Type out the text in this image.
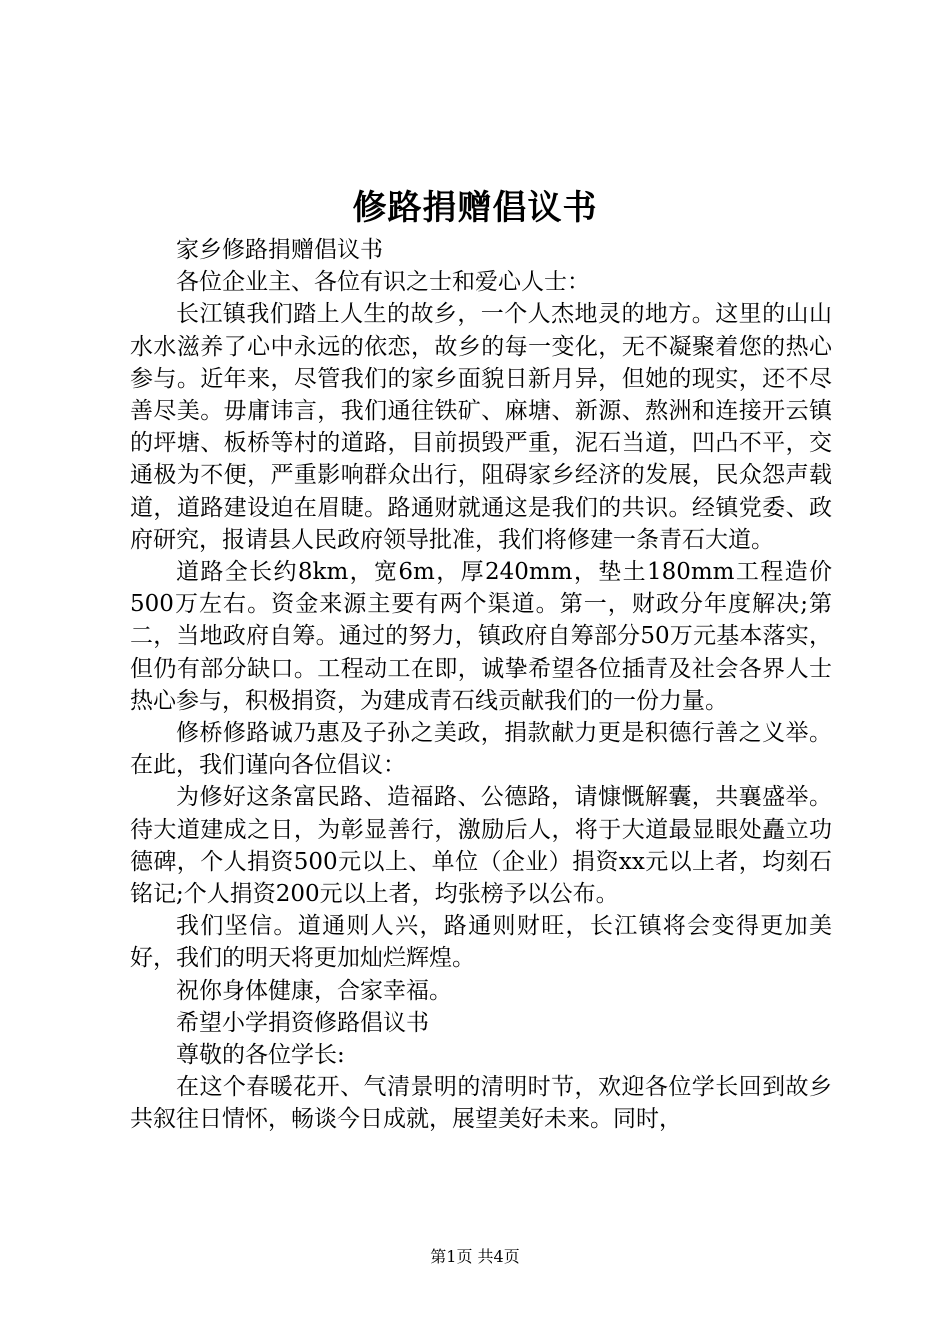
修路捐赠倡议书

家乡修路捐赠倡议书

各位企业主、各位有识之士和爱心人士：

长江镇我们踏上人生的故乡，一个人杰地灵的地方。这里的山山水水滋养了心中永远的依恋，故乡的每一变化，无不凝聚着您的热心参与。近年来，尽管我们的家乡面貌日新月异，但她的现实，还不尽善尽美。毋庸讳言，我们通往铁矿、麻塘、新源、熬洲和连接开云镇的坪塘、板桥等村的道路，目前损毁严重，泥石当道，凹凸不平，交通极为不便，严重影响群众出行，阻碍家乡经济的发展，民众怨声载道，道路建设迫在眉睫。路通财就通这是我们的共识。经镇党委、政府研究，报请县人民政府领导批准，我们将修建一条青石大道。

道路全长约8km，宽6m，厚240mm，垫土180mm工程造价500万左右。资金来源主要有两个渠道。第一，财政分年度解决;第二，当地政府自筹。通过的努力，镇政府自筹部分50万元基本落实，但仍有部分缺口。工程动工在即，诚挚希望各位插青及社会各界人士热心参与，积极捐资，为建成青石线贡献我们的一份力量。

修桥修路诚乃惠及子孙之美政，捐款献力更是积德行善之义举。在此，我们谨向各位倡议：

为修好这条富民路、造福路、公德路，请慷慨解囊，共襄盛举。待大道建成之日，为彰显善行，激励后人，将于大道最显眼处矗立功德碑，个人捐资500元以上、单位（企业）捐资xx元以上者，均刻石铭记;个人捐资200元以上者，均张榜予以公布。

我们坚信。道通则人兴，路通则财旺，长江镇将会变得更加美好，我们的明天将更加灿烂辉煌。

祝你身体健康，合家幸福。

希望小学捐资修路倡议书

尊敬的各位学长:

在这个春暖花开、气清景明的清明时节，欢迎各位学长回到故乡共叙往日情怀，畅谈今日成就，展望美好未来。同时，

第1页 共4页
